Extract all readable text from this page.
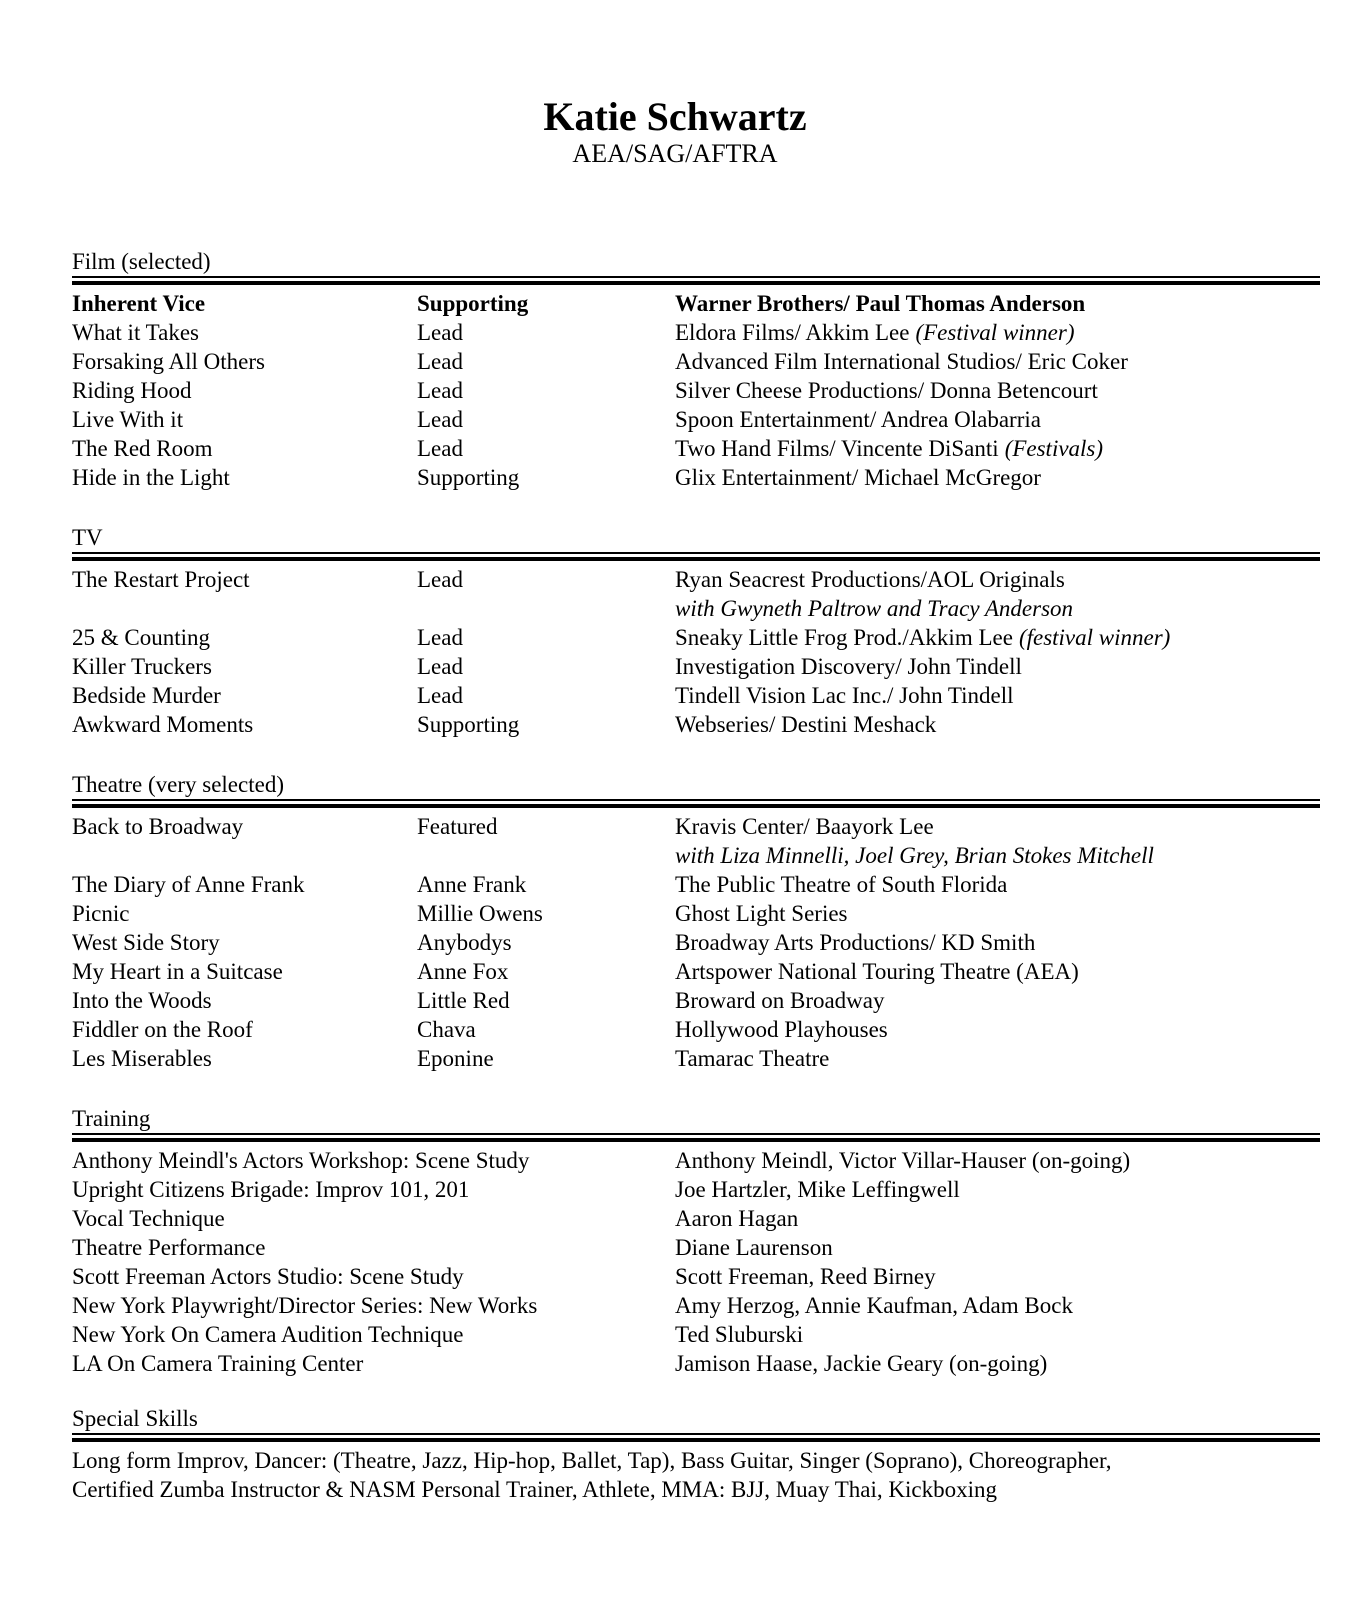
Katie Schwartz
AEA/SAG/AFTRA
Film (selected)
Inherent Vice	Supporting	Warner Brothers/ Paul Thomas Anderson
What it Takes	Lead	Eldora Films/ Akkim Lee (Festival winner)
Forsaking All Others	Lead	Advanced Film International Studios/ Eric Coker
Riding Hood	Lead	Silver Cheese Productions/ Donna Betencourt
Live With it	Lead	Spoon Entertainment/ Andrea Olabarria
The Red Room	Lead	Two Hand Films/ Vincente DiSanti (Festivals)
Hide in the Light	Supporting	Glix Entertainment/ Michael McGregor
TV
The Restart Project	Lead	Ryan Seacrest Productions/AOL Originals
with Gwyneth Paltrow and Tracy Anderson
25 & Counting	Lead	Sneaky Little Frog Prod./Akkim Lee (festival winner)
Killer Truckers	Lead	Investigation Discovery/ John Tindell
Bedside Murder	Lead	Tindell Vision Lac Inc./ John Tindell
Awkward Moments	Supporting	Webseries/ Destini Meshack
Theatre (very selected)
Back to Broadway	Featured	Kravis Center/ Baayork Lee
with Liza Minnelli, Joel Grey, Brian Stokes Mitchell
The Diary of Anne Frank	Anne Frank	The Public Theatre of South Florida
Picnic	Millie Owens	Ghost Light Series
West Side Story	Anybodys	Broadway Arts Productions/ KD Smith
My Heart in a Suitcase	Anne Fox	Artspower National Touring Theatre (AEA)
Into the Woods	Little Red	Broward on Broadway
Fiddler on the Roof	Chava	Hollywood Playhouses
Les Miserables	Eponine	Tamarac Theatre
Training
Anthony Meindl's Actors Workshop: Scene Study	Anthony Meindl, Victor Villar-Hauser (on-going)
Upright Citizens Brigade: Improv 101, 201	Joe Hartzler, Mike Leffingwell
Vocal Technique	Aaron Hagan
Theatre Performance	Diane Laurenson
Scott Freeman Actors Studio: Scene Study	Scott Freeman, Reed Birney
New York Playwright/Director Series: New Works	Amy Herzog, Annie Kaufman, Adam Bock
New York On Camera Audition Technique	Ted Sluburski
LA On Camera Training Center	Jamison Haase, Jackie Geary (on-going)
Special Skills
Long form Improv, Dancer: (Theatre, Jazz, Hip-hop, Ballet, Tap), Bass Guitar, Singer (Soprano), Choreographer,
Certified Zumba Instructor & NASM Personal Trainer, Athlete, MMA: BJJ, Muay Thai, Kickboxing
